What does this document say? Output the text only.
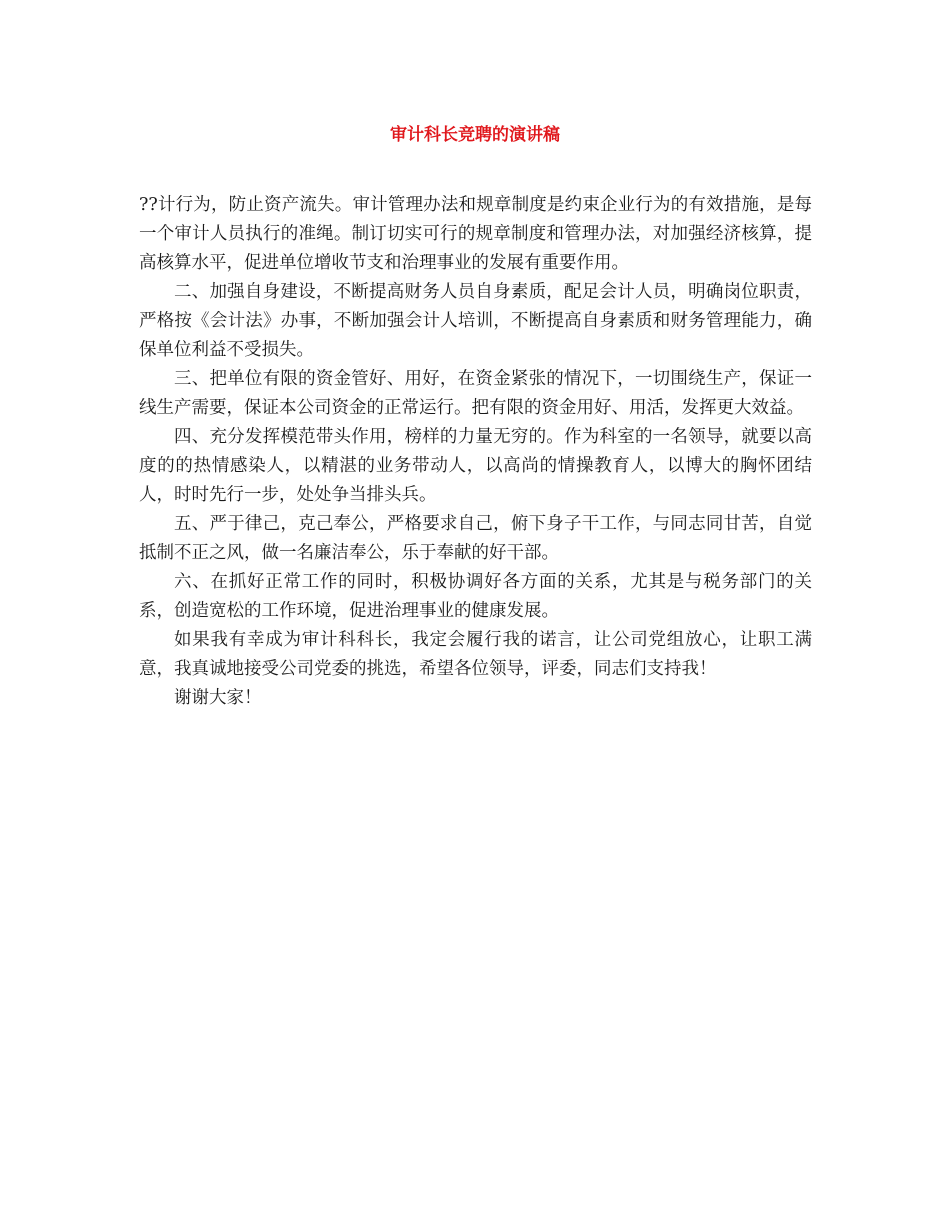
审计科长竞聘的演讲稿

??计行为，防止资产流失。审计管理办法和规章制度是约束企业行为的有效措施，是每一个审计人员执行的准绳。制订切实可行的规章制度和管理办法，对加强经济核算，提高核算水平，促进单位增收节支和治理事业的发展有重要作用。

二、加强自身建设，不断提高财务人员自身素质，配足会计人员，明确岗位职责，严格按《会计法》办事，不断加强会计人培训，不断提高自身素质和财务管理能力，确保单位利益不受损失。

三、把单位有限的资金管好、用好，在资金紧张的情况下，一切围绕生产，保证一线生产需要，保证本公司资金的正常运行。把有限的资金用好、用活，发挥更大效益。

四、充分发挥模范带头作用，榜样的力量无穷的。作为科室的一名领导，就要以高度的的热情感染人，以精湛的业务带动人，以高尚的情操教育人，以博大的胸怀团结人，时时先行一步，处处争当排头兵。

五、严于律己，克己奉公，严格要求自己，俯下身子干工作，与同志同甘苦，自觉抵制不正之风，做一名廉洁奉公，乐于奉献的好干部。

六、在抓好正常工作的同时，积极协调好各方面的关系，尤其是与税务部门的关系，创造宽松的工作环境，促进治理事业的健康发展。

如果我有幸成为审计科科长，我定会履行我的诺言，让公司党组放心，让职工满意，我真诚地接受公司党委的挑选，希望各位领导，评委，同志们支持我！

谢谢大家！
